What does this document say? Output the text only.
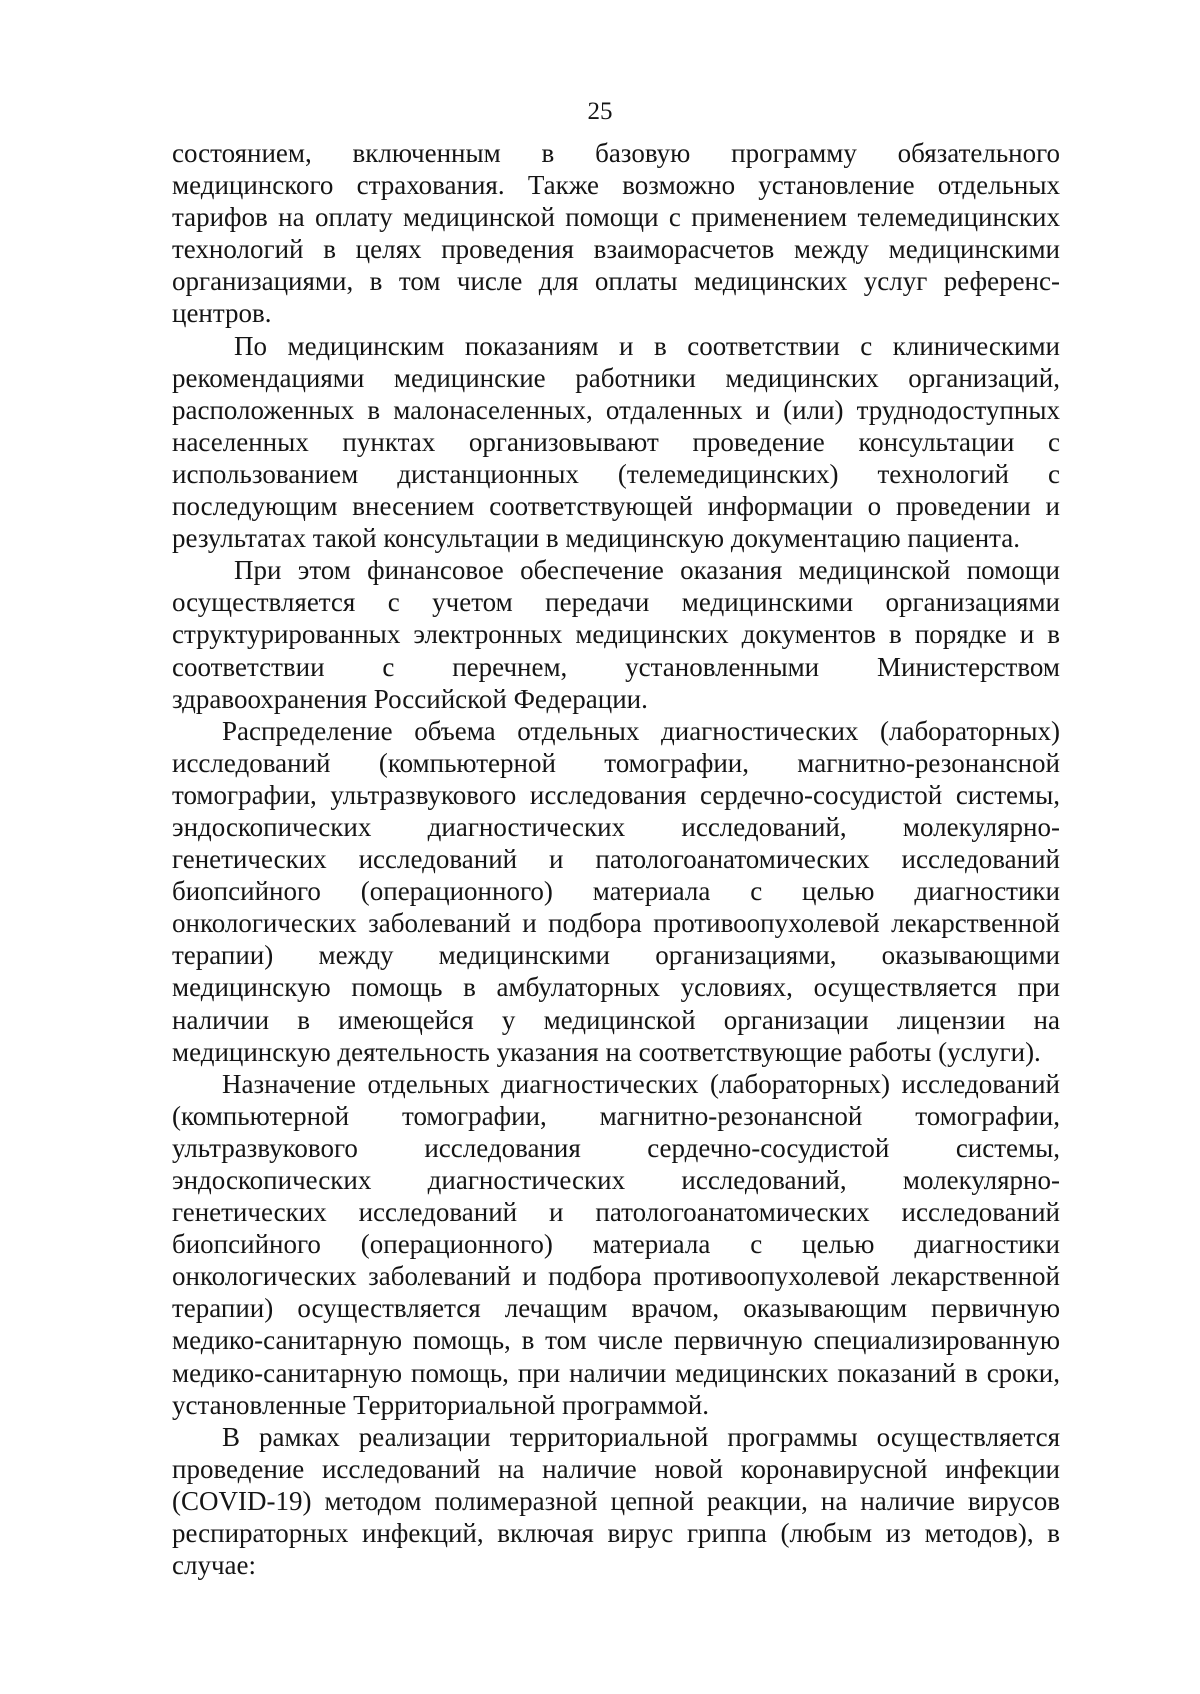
25
состоянием, включенным в базовую программу обязательного
медицинского страхования. Также возможно установление отдельных
тарифов на оплату медицинской помощи с применением телемедицинских
технологий в целях проведения взаиморасчетов между медицинскими
организациями, в том числе для оплаты медицинских услуг референс-
центров.
По медицинским показаниям и в соответствии с клиническими
рекомендациями медицинские работники медицинских организаций,
расположенных в малонаселенных, отдаленных и (или) труднодоступных
населенных пунктах организовывают проведение консультации с
использованием дистанционных (телемедицинских) технологий с
последующим внесением соответствующей информации о проведении и
результатах такой консультации в медицинскую документацию пациента.
При этом финансовое обеспечение оказания медицинской помощи
осуществляется с учетом передачи медицинскими организациями
структурированных электронных медицинских документов в порядке и в
соответствии с перечнем, установленными Министерством
здравоохранения Российской Федерации.
Распределение объема отдельных диагностических (лабораторных)
исследований (компьютерной томографии, магнитно-резонансной
томографии, ультразвукового исследования сердечно-сосудистой системы,
эндоскопических диагностических исследований, молекулярно-
генетических исследований и патологоанатомических исследований
биопсийного (операционного) материала с целью диагностики
онкологических заболеваний и подбора противоопухолевой лекарственной
терапии) между медицинскими организациями, оказывающими
медицинскую помощь в амбулаторных условиях, осуществляется при
наличии в имеющейся у медицинской организации лицензии на
медицинскую деятельность указания на соответствующие работы (услуги).
Назначение отдельных диагностических (лабораторных) исследований
(компьютерной томографии, магнитно-резонансной томографии,
ультразвукового исследования сердечно-сосудистой системы,
эндоскопических диагностических исследований, молекулярно-
генетических исследований и патологоанатомических исследований
биопсийного (операционного) материала с целью диагностики
онкологических заболеваний и подбора противоопухолевой лекарственной
терапии) осуществляется лечащим врачом, оказывающим первичную
медико-санитарную помощь, в том числе первичную специализированную
медико-санитарную помощь, при наличии медицинских показаний в сроки,
установленные Территориальной программой.
В рамках реализации территориальной программы осуществляется
проведение исследований на наличие новой коронавирусной инфекции
(COVID-19) методом полимеразной цепной реакции, на наличие вирусов
респираторных инфекций, включая вирус гриппа (любым из методов), в
случае:
